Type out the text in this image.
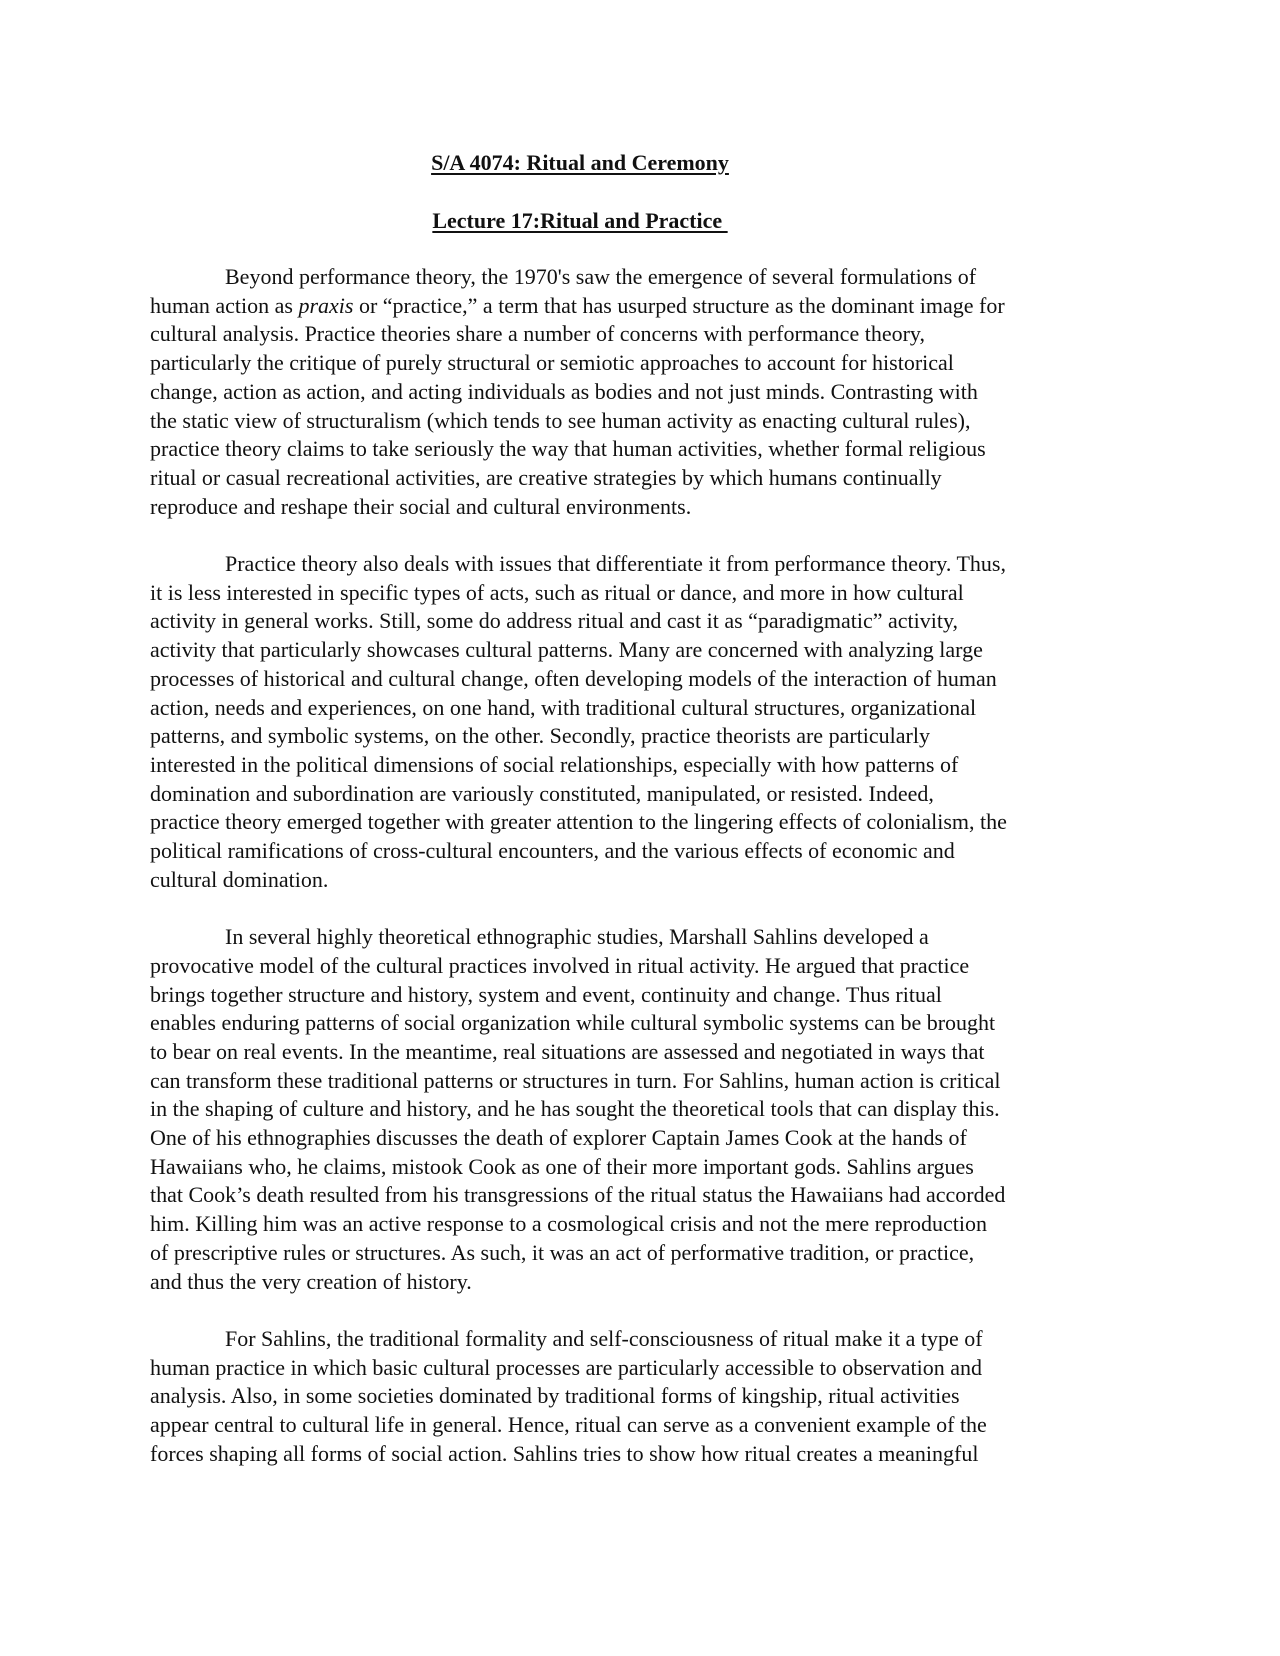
S/A 4074: Ritual and Ceremony
Lecture 17:Ritual and Practice

Beyond performance theory, the 1970's saw the emergence of several formulations of
human action as praxis or “practice,” a term that has usurped structure as the dominant image for
cultural analysis. Practice theories share a number of concerns with performance theory,
particularly the critique of purely structural or semiotic approaches to account for historical
change, action as action, and acting individuals as bodies and not just minds. Contrasting with
the static view of structuralism (which tends to see human activity as enacting cultural rules),
practice theory claims to take seriously the way that human activities, whether formal religious
ritual or casual recreational activities, are creative strategies by which humans continually
reproduce and reshape their social and cultural environments.

Practice theory also deals with issues that differentiate it from performance theory. Thus,
it is less interested in specific types of acts, such as ritual or dance, and more in how cultural
activity in general works. Still, some do address ritual and cast it as “paradigmatic” activity,
activity that particularly showcases cultural patterns. Many are concerned with analyzing large
processes of historical and cultural change, often developing models of the interaction of human
action, needs and experiences, on one hand, with traditional cultural structures, organizational
patterns, and symbolic systems, on the other. Secondly, practice theorists are particularly
interested in the political dimensions of social relationships, especially with how patterns of
domination and subordination are variously constituted, manipulated, or resisted. Indeed,
practice theory emerged together with greater attention to the lingering effects of colonialism, the
political ramifications of cross-cultural encounters, and the various effects of economic and
cultural domination.

In several highly theoretical ethnographic studies, Marshall Sahlins developed a
provocative model of the cultural practices involved in ritual activity. He argued that practice
brings together structure and history, system and event, continuity and change. Thus ritual
enables enduring patterns of social organization while cultural symbolic systems can be brought
to bear on real events. In the meantime, real situations are assessed and negotiated in ways that
can transform these traditional patterns or structures in turn. For Sahlins, human action is critical
in the shaping of culture and history, and he has sought the theoretical tools that can display this.
One of his ethnographies discusses the death of explorer Captain James Cook at the hands of
Hawaiians who, he claims, mistook Cook as one of their more important gods. Sahlins argues
that Cook’s death resulted from his transgressions of the ritual status the Hawaiians had accorded
him. Killing him was an active response to a cosmological crisis and not the mere reproduction
of prescriptive rules or structures. As such, it was an act of performative tradition, or practice,
and thus the very creation of history.

For Sahlins, the traditional formality and self-consciousness of ritual make it a type of
human practice in which basic cultural processes are particularly accessible to observation and
analysis. Also, in some societies dominated by traditional forms of kingship, ritual activities
appear central to cultural life in general. Hence, ritual can serve as a convenient example of the
forces shaping all forms of social action. Sahlins tries to show how ritual creates a meaningful
